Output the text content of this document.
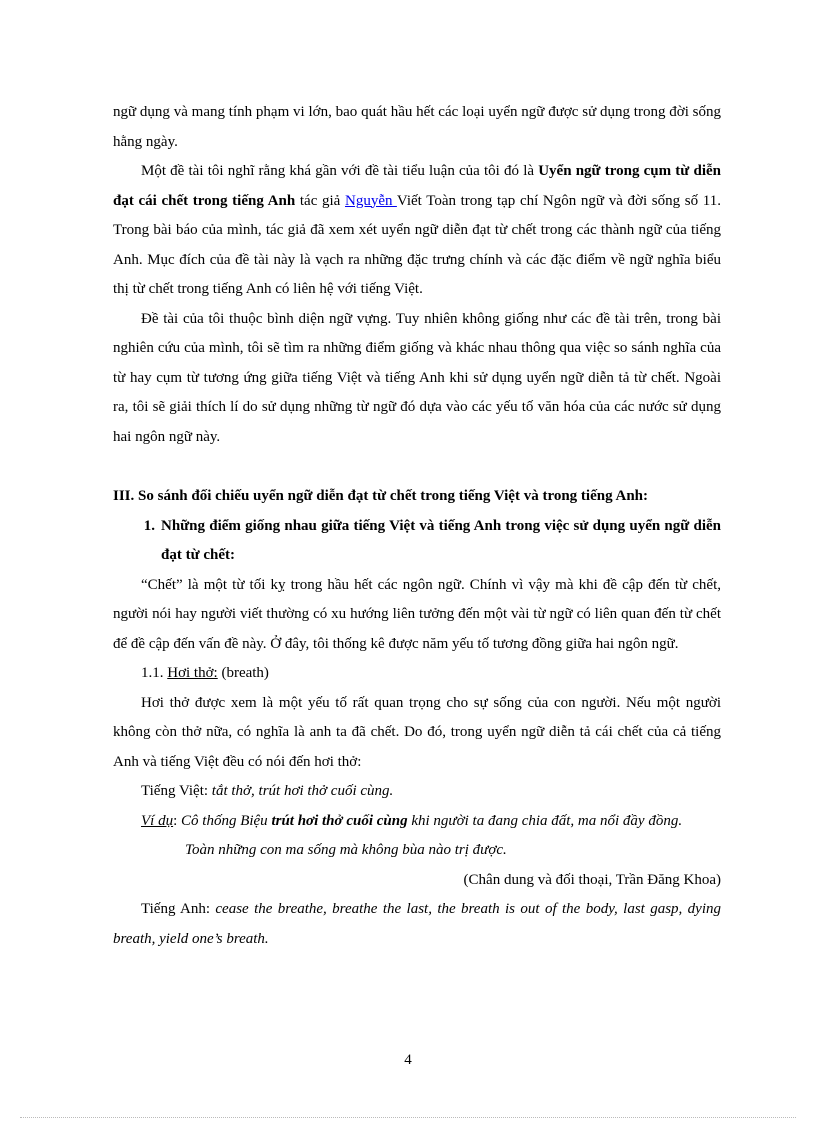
ngữ dụng và mang tính phạm vi lớn, bao quát hầu hết các loại uyển ngữ được sử dụng trong đời sống hằng ngày.

Một đề tài tôi nghĩ rằng khá gần với đề tài tiểu luận của tôi đó là Uyển ngữ trong cụm từ diễn đạt cái chết trong tiếng Anh tác giả Nguyễn Viết Toàn trong tạp chí Ngôn ngữ và đời sống số 11. Trong bài báo của mình, tác giả đã xem xét uyển ngữ diễn đạt từ chết trong các thành ngữ của tiếng Anh. Mục đích của đề tài này là vạch ra những đặc trưng chính và các đặc điểm về ngữ nghĩa biểu thị từ chết trong tiếng Anh có liên hệ với tiếng Việt.

Đề tài của tôi thuộc bình diện ngữ vựng. Tuy nhiên không giống như các đề tài trên, trong bài nghiên cứu của mình, tôi sẽ tìm ra những điểm giống và khác nhau thông qua việc so sánh nghĩa của từ hay cụm từ tương ứng giữa tiếng Việt và tiếng Anh khi sử dụng uyển ngữ diễn tả từ chết. Ngoài ra, tôi sẽ giải thích lí do sử dụng những từ ngữ đó dựa vào các yếu tố văn hóa của các nước sử dụng hai ngôn ngữ này.

III. So sánh đối chiếu uyển ngữ diễn đạt từ chết trong tiếng Việt và trong tiếng Anh:

1. Những điểm giống nhau giữa tiếng Việt và tiếng Anh trong việc sử dụng uyển ngữ diễn đạt từ chết:

“Chết” là một từ tối kỵ trong hầu hết các ngôn ngữ. Chính vì vậy mà khi đề cập đến từ chết, người nói hay người viết thường có xu hướng liên tưởng đến một vài từ ngữ có liên quan đến từ chết để đề cập đến vấn đề này. Ở đây, tôi thống kê được năm yếu tố tương đồng giữa hai ngôn ngữ.

1.1. Hơi thở: (breath)

Hơi thở được xem là một yếu tố rất quan trọng cho sự sống của con người. Nếu một người không còn thở nữa, có nghĩa là anh ta đã chết. Do đó, trong uyển ngữ diễn tả cái chết của cả tiếng Anh và tiếng Việt đều có nói đến hơi thở:

Tiếng Việt: tắt thở, trút hơi thở cuối cùng.

Ví dụ: Cô thống Biệu trút hơi thở cuối cùng khi người ta đang chia đất, ma nổi đầy đồng.

Toàn những con ma sống mà không bùa nào trị được.

(Chân dung và đối thoại, Trần Đăng Khoa)

Tiếng Anh: cease the breathe, breathe the last, the breath is out of the body, last gasp, dying breath, yield one’s breath.

4
